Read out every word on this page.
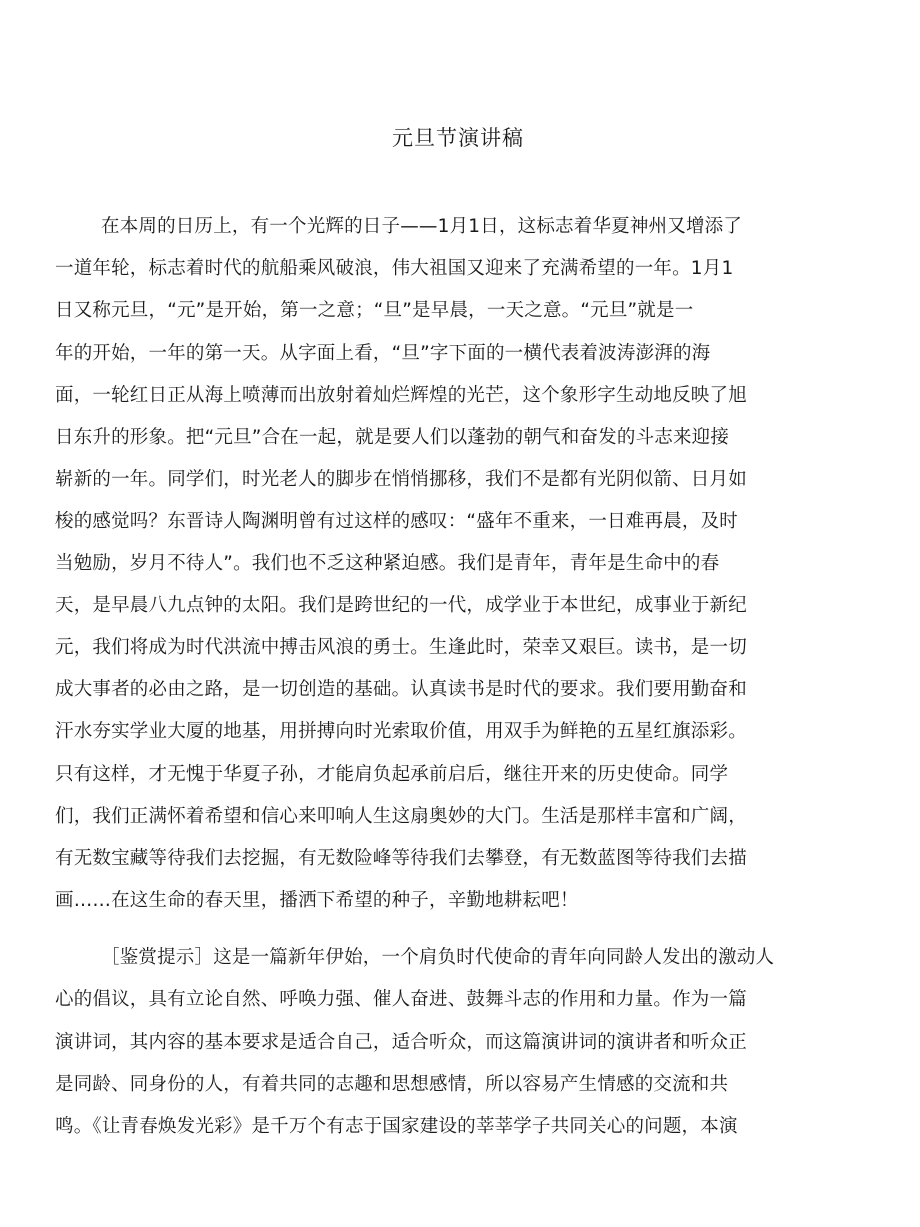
元旦节演讲稿
在本周的日历上，有一个光辉的日子——1月1日，这标志着华夏神州又增添了
一道年轮，标志着时代的航船乘风破浪，伟大祖国又迎来了充满希望的一年。1月1
日又称元旦，“元”是开始，第一之意；“旦”是早晨，一天之意。“元旦”就是一
年的开始，一年的第一天。从字面上看，“旦”字下面的一横代表着波涛澎湃的海
面，一轮红日正从海上喷薄而出放射着灿烂辉煌的光芒，这个象形字生动地反映了旭
日东升的形象。把“元旦”合在一起，就是要人们以蓬勃的朝气和奋发的斗志来迎接
崭新的一年。同学们，时光老人的脚步在悄悄挪移，我们不是都有光阴似箭、日月如
梭的感觉吗？东晋诗人陶渊明曾有过这样的感叹：“盛年不重来，一日难再晨，及时
当勉励，岁月不待人”。我们也不乏这种紧迫感。我们是青年，青年是生命中的春
天，是早晨八九点钟的太阳。我们是跨世纪的一代，成学业于本世纪，成事业于新纪
元，我们将成为时代洪流中搏击风浪的勇士。生逢此时，荣幸又艰巨。读书，是一切
成大事者的必由之路，是一切创造的基础。认真读书是时代的要求。我们要用勤奋和
汗水夯实学业大厦的地基，用拼搏向时光索取价值，用双手为鲜艳的五星红旗添彩。
只有这样，才无愧于华夏子孙，才能肩负起承前启后，继往开来的历史使命。同学
们，我们正满怀着希望和信心来叩响人生这扇奥妙的大门。生活是那样丰富和广阔，
有无数宝藏等待我们去挖掘，有无数险峰等待我们去攀登，有无数蓝图等待我们去描
画……在这生命的春天里，播洒下希望的种子，辛勤地耕耘吧！
［鉴赏提示］这是一篇新年伊始，一个肩负时代使命的青年向同龄人发出的激动人
心的倡议，具有立论自然、呼唤力强、催人奋进、鼓舞斗志的作用和力量。作为一篇
演讲词，其内容的基本要求是适合自己，适合听众，而这篇演讲词的演讲者和听众正
是同龄、同身份的人，有着共同的志趣和思想感情，所以容易产生情感的交流和共
鸣。《让青春焕发光彩》是千万个有志于国家建设的莘莘学子共同关心的问题，本演
